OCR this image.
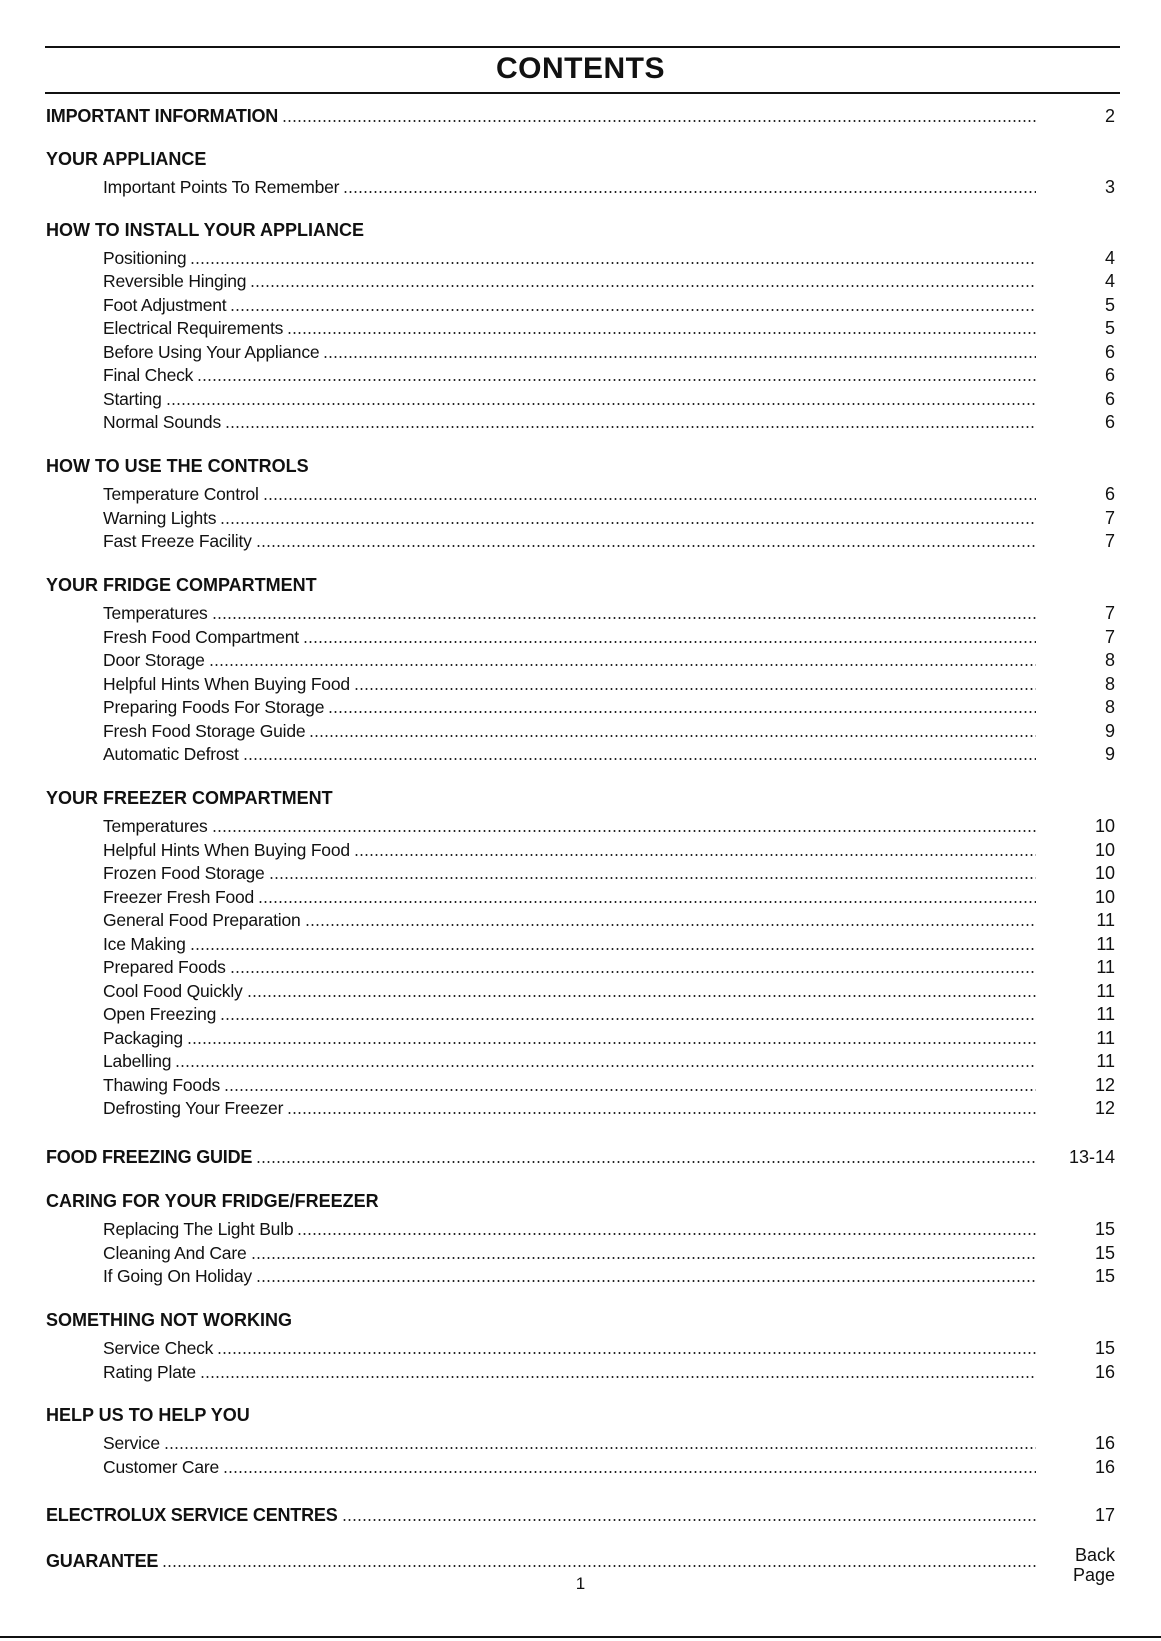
CONTENTS
IMPORTANT INFORMATION	2
YOUR APPLIANCE
Important Points To Remember	3
HOW TO INSTALL YOUR APPLIANCE
Positioning	4
Reversible Hinging	4
Foot Adjustment	5
Electrical Requirements	5
Before Using Your Appliance	6
Final Check	6
Starting	6
Normal Sounds	6
HOW TO USE THE CONTROLS
Temperature Control	6
Warning Lights	7
Fast Freeze Facility	7
YOUR FRIDGE COMPARTMENT
Temperatures	7
Fresh Food Compartment	7
Door Storage	8
Helpful Hints When Buying Food	8
Preparing Foods For Storage	8
Fresh Food Storage Guide	9
Automatic Defrost	9
YOUR FREEZER COMPARTMENT
Temperatures	10
Helpful Hints When Buying Food	10
Frozen Food Storage	10
Freezer Fresh Food	10
General Food Preparation	11
Ice Making	11
Prepared Foods	11
Cool Food Quickly	11
Open Freezing	11
Packaging	11
Labelling	11
Thawing Foods	12
Defrosting Your Freezer	12
FOOD FREEZING GUIDE	13-14
CARING FOR YOUR FRIDGE/FREEZER
Replacing The Light Bulb	15
Cleaning And Care	15
If Going On Holiday	15
SOMETHING NOT WORKING
Service Check	15
Rating Plate	16
HELP US TO HELP YOU
Service	16
Customer Care	16
ELECTROLUX SERVICE CENTRES	17
GUARANTEE	Back
Page
1
